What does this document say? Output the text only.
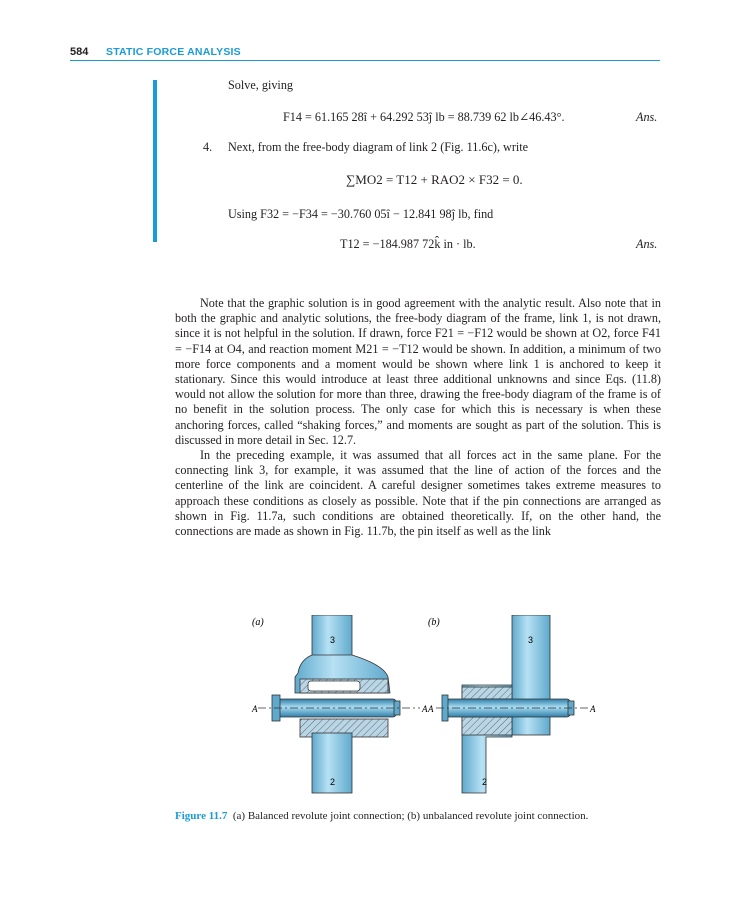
584 STATIC FORCE ANALYSIS
Solve, giving
F14 = 61.165 28î + 64.292 53ĵ lb = 88.739 62 lb∠46.43°.	Ans.
4. Next, from the free-body diagram of link 2 (Fig. 11.6c), write
∑MO2 = T12 + RAO2 × F32 = 0.
Using F32 = −F34 = −30.760 05î − 12.841 98ĵ lb, find
T12 = −184.987 72k̂ in · lb.	Ans.

Note that the graphic solution is in good agreement with the analytic result. Also note that in both the graphic and analytic solutions, the free-body diagram of the frame, link 1, is not drawn, since it is not helpful in the solution. If drawn, force F21 = −F12 would be shown at O2, force F41 = −F14 at O4, and reaction moment M21 = −T12 would be shown. In addition, a minimum of two more force components and a moment would be shown where link 1 is anchored to keep it stationary. Since this would introduce at least three additional unknowns and since Eqs. (11.8) would not allow the solution for more than three, drawing the free-body diagram of the frame is of no benefit in the solution process. The only case for which this is necessary is when these anchoring forces, called “shaking forces,” and moments are sought as part of the solution. This is discussed in more detail in Sec. 12.7.

In the preceding example, it was assumed that all forces act in the same plane. For the connecting link 3, for example, it was assumed that the line of action of the forces and the centerline of the link are coincident. A careful designer sometimes takes extreme measures to approach these conditions as closely as possible. Note that if the pin connections are arranged as shown in Fig. 11.7a, such conditions are obtained theoretically. If, on the other hand, the connections are made as shown in Fig. 11.7b, the pin itself as well as the link

(a)
A	A
3
2
(b)
A	A
3
2
Figure 11.7 (a) Balanced revolute joint connection; (b) unbalanced revolute joint connection.
